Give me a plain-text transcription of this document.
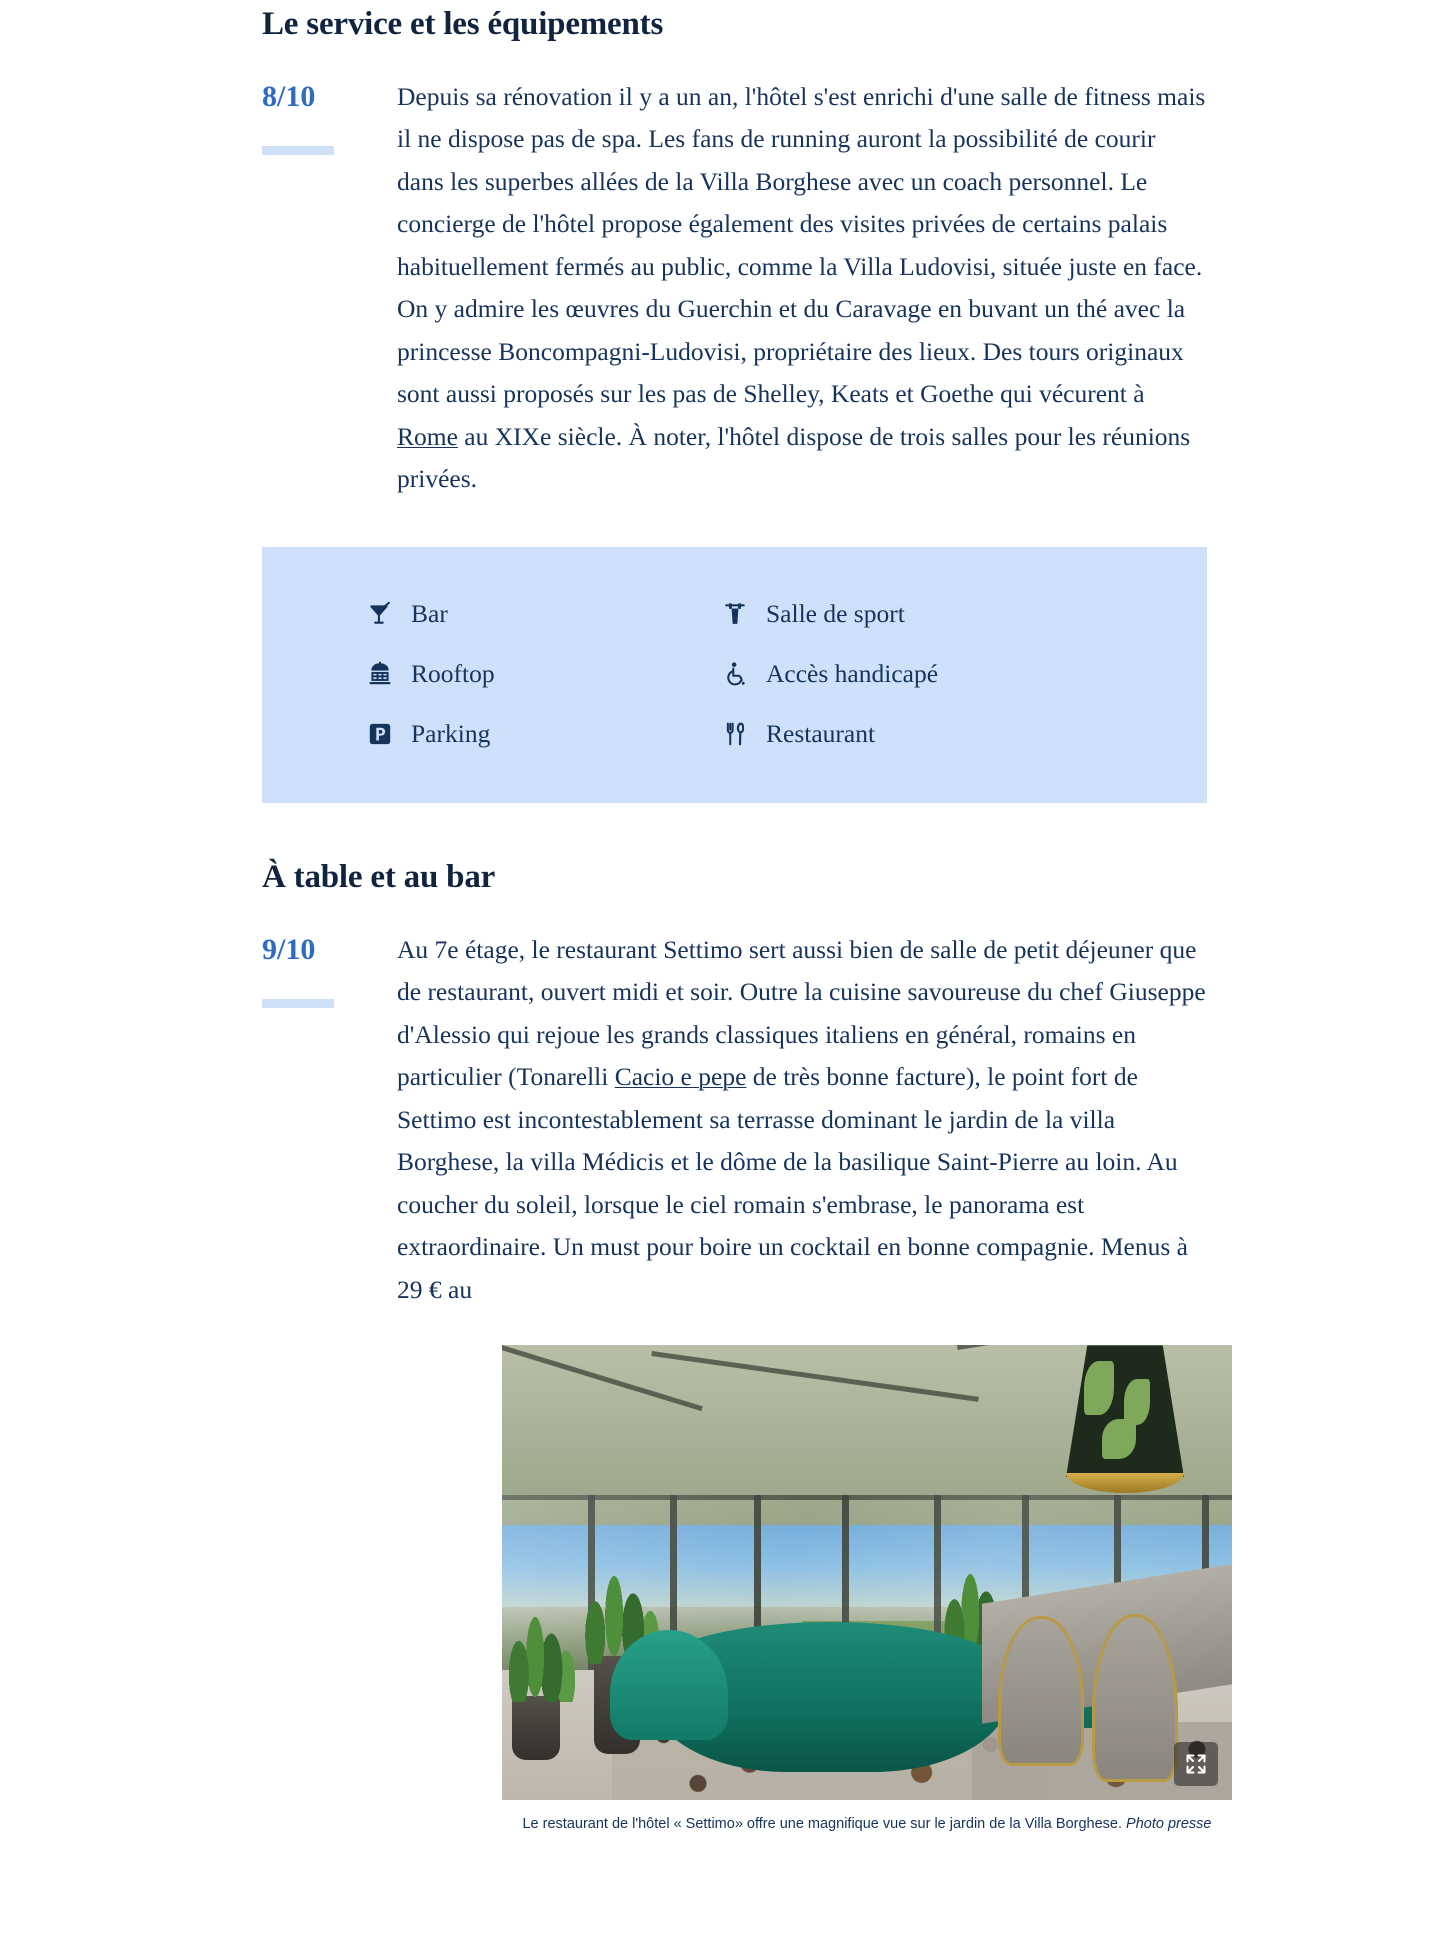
Le service et les équipements
8/10	Depuis sa rénovation il y a un an, l'hôtel s'est enrichi d'une salle de fitness mais il ne dispose pas de spa. Les fans de running auront la possibilité de courir dans les superbes allées de la Villa Borghese avec un coach personnel. Le concierge de l'hôtel propose également des visites privées de certains palais habituellement fermés au public, comme la Villa Ludovisi, située juste en face. On y admire les œuvres du Guerchin et du Caravage en buvant un thé avec la princesse Boncompagni-Ludovisi, propriétaire des lieux. Des tours originaux sont aussi proposés sur les pas de Shelley, Keats et Goethe qui vécurent à Rome au XIXe siècle. À noter, l'hôtel dispose de trois salles pour les réunions privées.

Bar	Salle de sport
Rooftop	Accès handicapé
Parking	Restaurant
À table et au bar
9/10	Au 7e étage, le restaurant Settimo sert aussi bien de salle de petit déjeuner que de restaurant, ouvert midi et soir. Outre la cuisine savoureuse du chef Giuseppe d'Alessio qui rejoue les grands classiques italiens en général, romains en particulier (Tonarelli Cacio e pepe de très bonne facture), le point fort de Settimo est incontestablement sa terrasse dominant le jardin de la villa Borghese, la villa Médicis et le dôme de la basilique Saint-Pierre au loin. Au coucher du soleil, lorsque le ciel romain s'embrase, le panorama est extraordinaire. Un must pour boire un cocktail en bonne compagnie. Menus à 29 € au

Le restaurant de l'hôtel « Settimo» offre une magnifique vue sur le jardin de la Villa Borghese. Photo presse
